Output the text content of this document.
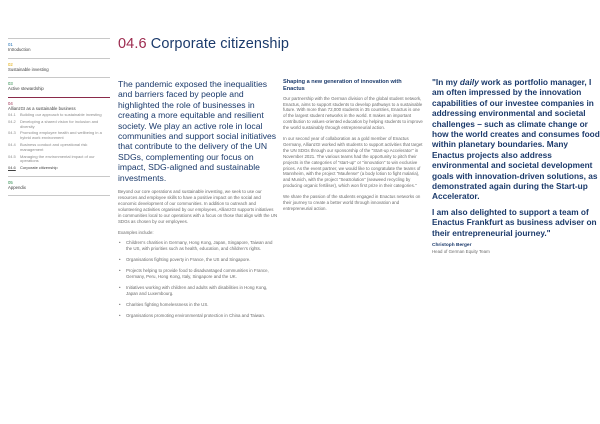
01
Introduction
02
Sustainable investing
03
Active stewardship
04
AllianzGI as a sustainable business
04.1	Building our approach to sustainable investing
04.2	Developing a shared vision for inclusion and diversity
04.3	Promoting employee health and wellbeing in a hybrid work environment
04.4	Business conduct and operational risk management
04.5	Managing the environmental impact of our operations
04.6	Corporate citizenship
05
Appendix
04.6 Corporate citizenship

The pandemic exposed the inequalities and barriers faced by people and highlighted the role of businesses in creating a more equitable and resilient society. We play an active role in local communities and support social initiatives that contribute to the delivery of the UN SDGs, complementing our focus on impact, SDG-aligned and sustainable investments.

Beyond our core operations and sustainable investing, we seek to use our resources and employee skills to have a positive impact on the social and economic development of our communities. In addition to outreach and volunteering activities organised by our employees, AllianzGI supports initiatives in communities local to our operations with a focus on those that align with the UN SDGs as chosen by our employees.

Examples include:

• Children's charities in Germany, Hong Kong, Japan, Singapore, Taiwan and the US, with priorities such as health, education, and children's rights.
• Organisations fighting poverty in France, the US and Singapore.
• Projects helping to provide food to disadvantaged communities in France, Germany, Peru, Hong Kong, Italy, Singapore and the UK.
• Initiatives working with children and adults with disabilities in Hong Kong, Japan and Luxembourg.
• Charities fighting homelessness in the US.
• Organisations promoting environmental protection in China and Taiwan.
Shaping a new generation of innovation with Enactus

Our partnership with the German division of the global student network, Enactus, aims to support students to develop pathways to a sustainable future. With more than 72,000 students in 35 countries, Enactus is one of the largest student networks in the world. It makes an important contribution to values-oriented education by helping students to improve the world sustainably through entrepreneurial action.

In our second year of collaboration as a gold member of Enactus Germany, AllianzGI worked with students to support activities that target the UN SDGs through our sponsorship of the "Start-up Accelerator" in November 2021. The various teams had the opportunity to pitch their projects in the categories of "start-up" or "innovation" to win exclusive prices. As the event partner, we would like to congratulate the teams of Mannheim, with the project "Maufense" (a body lotion to fight malaria), and Munich, with the project "SeaSolution" (seaweed recycling by producing organic fertiliser), which won first prize in their categories."

We share the passion of the students engaged in Enactus networks on their journey to create a better world through innovation and entrepreneurial action.

"In my daily work as portfolio manager, I am often impressed by the innovation capabilities of our investee companies in addressing environmental and societal challenges – such as climate change or how the world creates and consumes food within planetary boundaries. Many Enactus projects also address environmental and societal development goals with innovation-driven solutions, as demonstrated again during the Start-up Accelerator.

I am also delighted to support a team of Enactus Frankfurt as business adviser on their entrepreneurial journey."

Christoph Berger

Head of German Equity Team
